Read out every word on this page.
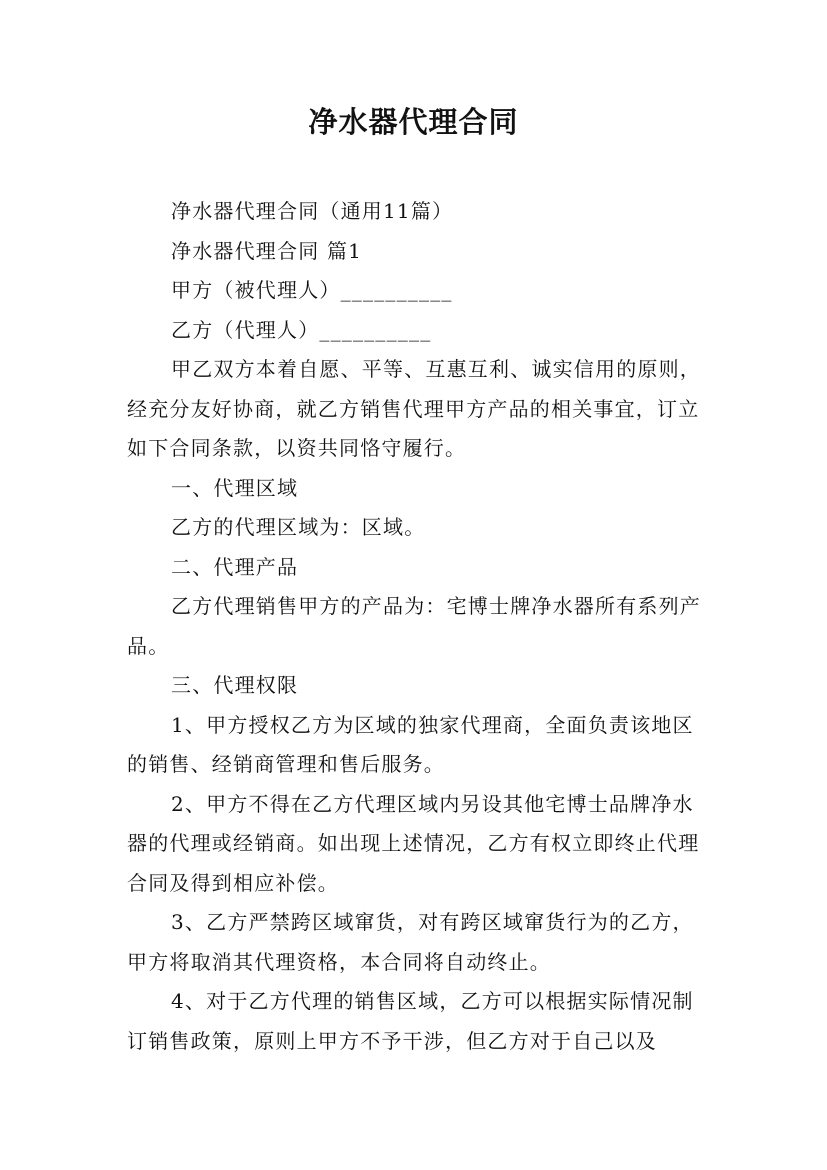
净水器代理合同

净水器代理合同（通用11篇）

净水器代理合同 篇1

甲方（被代理人）__________

乙方（代理人）__________

甲乙双方本着自愿、平等、互惠互利、诚实信用的原则，经充分友好协商，就乙方销售代理甲方产品的相关事宜，订立如下合同条款，以资共同恪守履行。

一、代理区域

乙方的代理区域为：区域。

二、代理产品

乙方代理销售甲方的产品为：宅博士牌净水器所有系列产品。

三、代理权限

1、甲方授权乙方为区域的独家代理商，全面负责该地区的销售、经销商管理和售后服务。

2、甲方不得在乙方代理区域内另设其他宅博士品牌净水器的代理或经销商。如出现上述情况，乙方有权立即终止代理合同及得到相应补偿。

3、乙方严禁跨区域窜货，对有跨区域窜货行为的乙方，甲方将取消其代理资格，本合同将自动终止。

4、对于乙方代理的销售区域，乙方可以根据实际情况制订销售政策，原则上甲方不予干涉，但乙方对于自己以及
